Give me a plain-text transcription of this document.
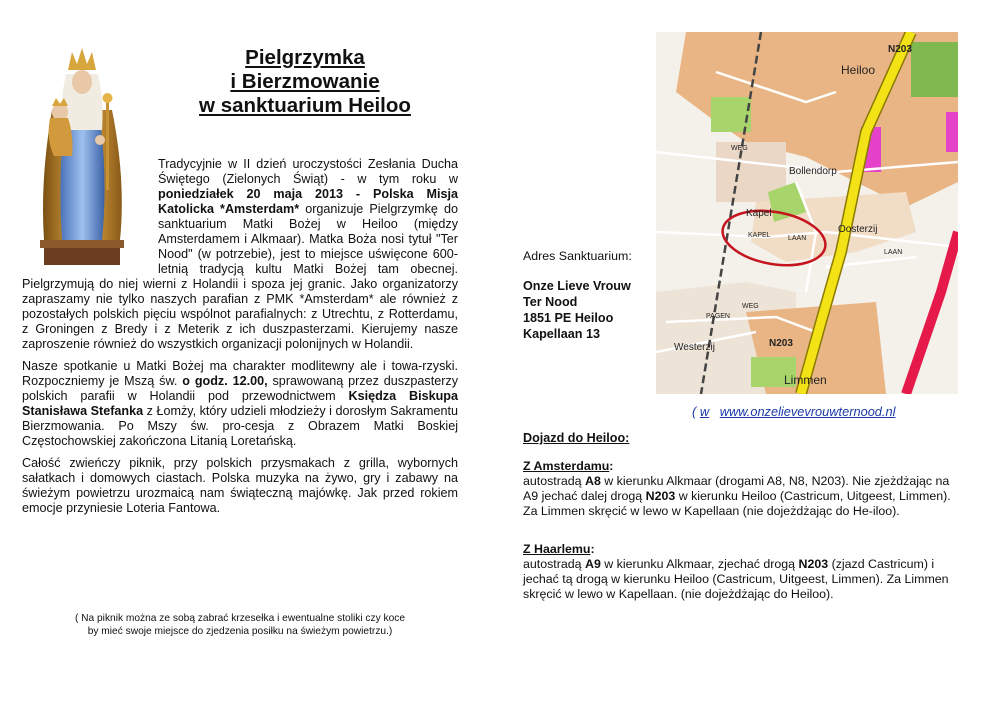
Pielgrzymka
i Bierzmowanie
w sanktuarium Heiloo

Tradycyjnie w II dzień uroczystości Zesłania Ducha Świętego (Zielonych Świąt) - w tym roku w poniedziałek 20 maja 2013 - Polska Misja Katolicka *Amsterdam* organizuje Pielgrzymkę do sanktuarium Matki Bożej w Heiloo (między Amsterdamem i Alkmaar). Matka Boża nosi tytuł "Ter Nood" (w potrzebie), jest to miejsce uświęcone 600-letnią tradycją kultu Matki Bożej tam obecnej. Pielgrzymują do niej wierni z Holandii i spoza jej granic. Jako organizatorzy zapraszamy nie tylko naszych parafian z PMK *Amsterdam* ale również z pozostałych polskich pięciu wspólnot parafialnych: z Utrechtu, z Rotterdamu, z Groningen z Bredy i z Meterik z ich duszpasterzami. Kierujemy nasze zaproszenie również do wszystkich organizacji polonijnych w Holandii.

Nasze spotkanie u Matki Bożej ma charakter modlitewny ale i towa-rzyski. Rozpoczniemy je Mszą św. o godz. 12.00, sprawowaną przez duszpasterzy polskich parafii w Holandii pod przewodnictwem Księdza Biskupa Stanisława Stefanka z Łomży, który udzieli młodzieży i dorosłym Sakramentu Bierzmowania. Po Mszy św. pro-cesja z Obrazem Matki Boskiej Częstochowskiej zakończona Litanią Loretańską.

Całość zwieńczy piknik, przy polskich przysmakach z grilla, wybornych sałatkach i domowych ciastach. Polska muzyka na żywo, gry i zabawy na świeżym powietrzu urozmaicą nam świąteczną majówkę. Jak przed rokiem emocje przyniesie Loteria Fantowa.

( Na piknik można ze sobą zabrać krzesełka i ewentualne stoliki czy koce
by mieć swoje miejsce do zjedzenia posiłku na świeżym powietrzu.)
Adres Sanktuarium:
Onze Lieve Vrouw
Ter Nood
1851 PE Heiloo
Kapellaan 13
Heiloo
N203
Bollendorp
Kapel
Oosterzij
Westerzij	N203
Limmen
KAPEL LAAN
WEG
PAGEN
LAAN
WEG
( w www.onzelievevrouwternood.nl
Dojazd do Heiloo:
Z Amsterdamu:
autostradą A8 w kierunku Alkmaar (drogami A8, N8, N203). Nie zjeżdżając na A9 jechać dalej drogą N203 w kierunku Heiloo (Castricum, Uitgeest, Limmen). Za Limmen skręcić w lewo w Kapellaan (nie dojeżdżając do He-iloo).
Z Haarlemu:
autostradą A9 w kierunku Alkmaar, zjechać drogą N203 (zjazd Castricum) i jechać tą drogą w kierunku Heiloo (Castricum, Uitgeest, Limmen). Za Limmen skręcić w lewo w Kapellaan. (nie dojeżdżając do Heiloo).
